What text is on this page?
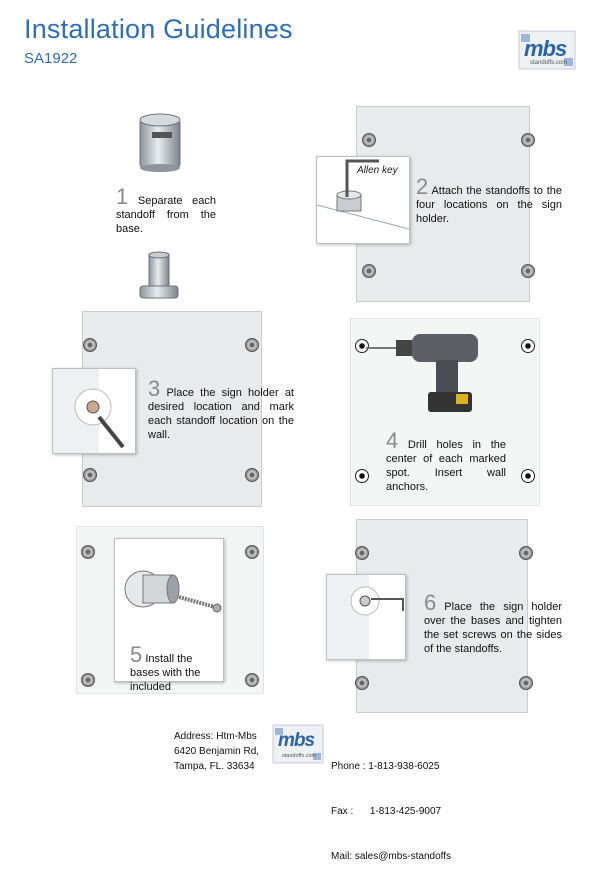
Installation Guidelines
SA1922	mbs
standoffs.com
1 Separate each standoff from the base.
Allen key
2 Attach the standoffs to the four locations on the sign holder.
3 Place the sign holder at desired location and mark each standoff location on the wall.	4 Drill holes in the center of each marked spot. Insert wall anchors.
5 Install the bases with the included
6 Place the sign holder over the bases and tighten the set screws on the sides of the standoffs.
Address: Htm-Mbs
6420 Benjamin Rd,
Tampa, FL. 33634
mbs
standoffs.com

Phone : 1-813-938-6025

Fax :      1-813-425-9007

Mail: sales@mbs-standoffs
